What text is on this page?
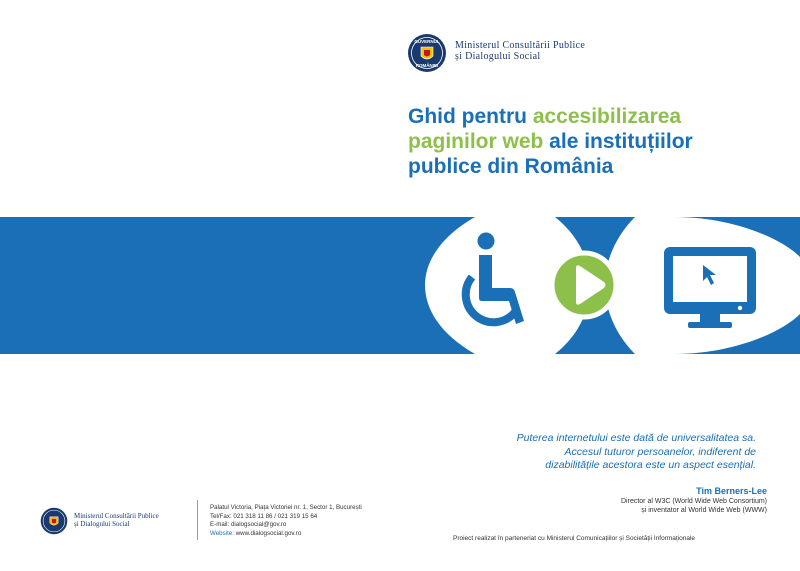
GUVERNUL
ROMÂNIEI
Ministerul Consultării Publice
și Dialogului Social
Ghid pentru accesibilizarea
paginilor web ale instituțiilor
publice din România
Puterea internetului este dată de universalitatea sa.
Accesul tuturor persoanelor, indiferent de
dizabilitățile acestora este un aspect esențial.
Tim Berners-Lee
Director al W3C (World Wide Web Consortium)
și inventator al World Wide Web (WWW)
Ministerul Consultării Publice
și Dialogului Social
Palatul Victoria, Piața Victoriei nr. 1, Sector 1, București
Tel/Fax: 021 318 11 86 / 021 319 15 64
E-mail: dialogsocial@gov.ro
Website: www.dialogsocial.gov.ro
Proiect realizat în parteneriat cu Ministerul Comunicațiilor și Societății Informaționale
